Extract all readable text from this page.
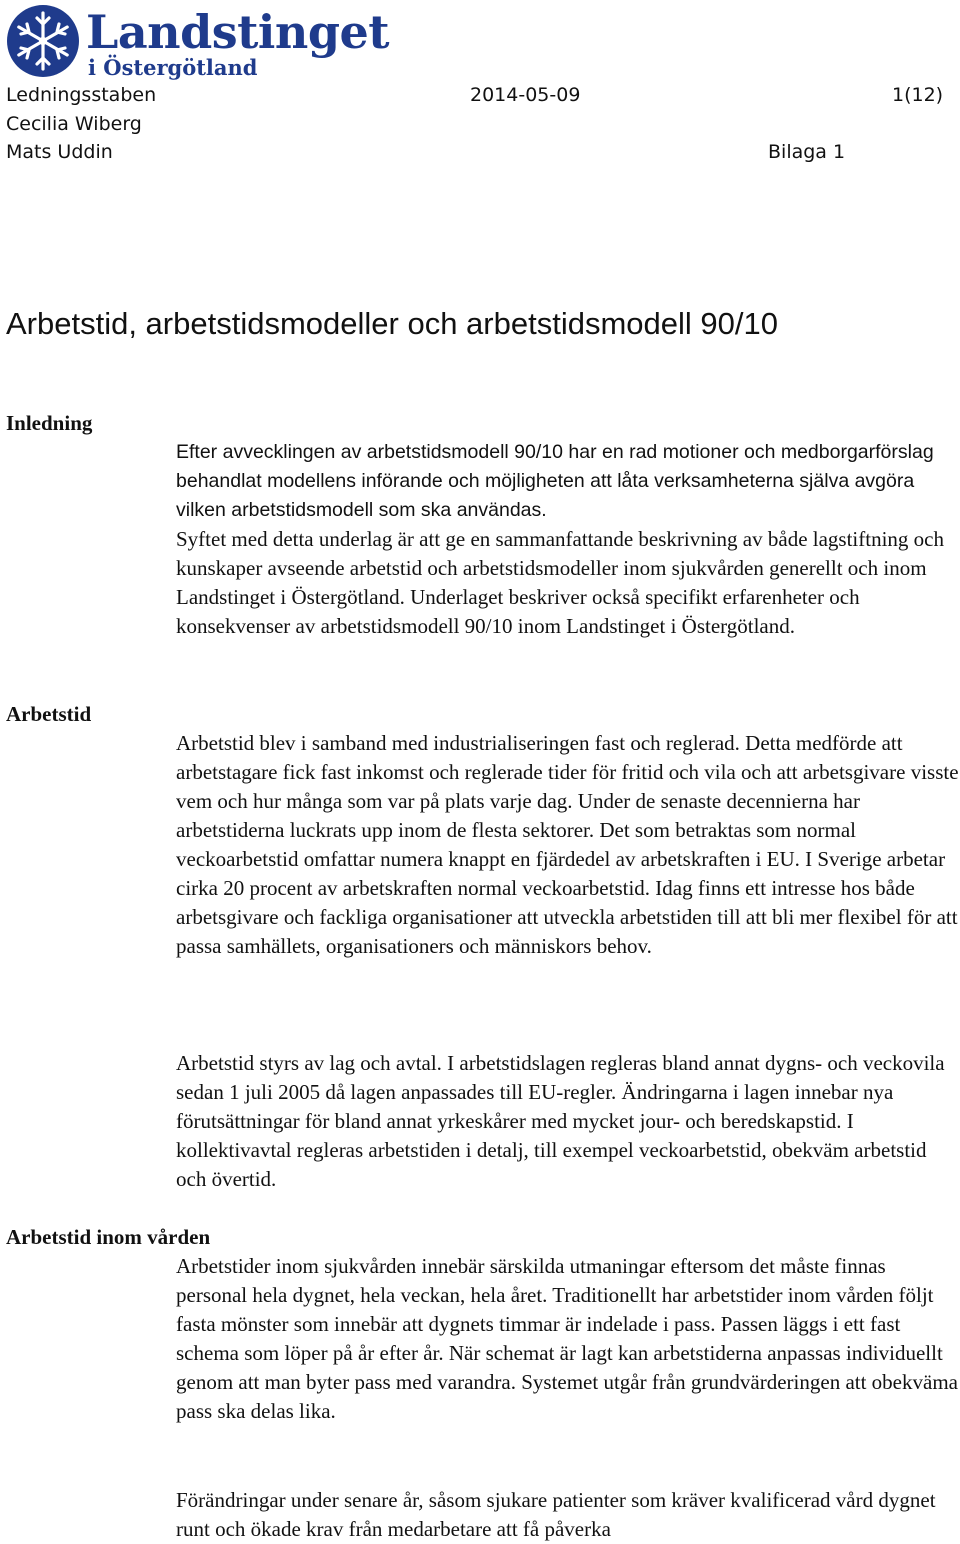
Landstinget
i Östergötland
Ledningsstaben	2014-05-09	1(12)
Cecilia Wiberg
Mats Uddin	Bilaga 1
Arbetstid, arbetstidsmodeller och arbetstidsmodell 90/10
Inledning

Efter avvecklingen av arbetstidsmodell 90/10 har en rad motioner och medborgarförslag behandlat modellens införande och möjligheten att låta verksamheterna själva avgöra vilken arbetstidsmodell som ska användas.

Syftet med detta underlag är att ge en sammanfattande beskrivning av både lagstiftning och kunskaper avseende arbetstid och arbetstidsmodeller inom sjukvården generellt och inom Landstinget i Östergötland. Underlaget beskriver också specifikt erfarenheter och konsekvenser av arbetstidsmodell 90/10 inom Landstinget i Östergötland.

Arbetstid

Arbetstid blev i samband med industrialiseringen fast och reglerad. Detta medförde att arbetstagare fick fast inkomst och reglerade tider för fritid och vila och att arbetsgivare visste vem och hur många som var på plats varje dag. Under de senaste decennierna har arbetstiderna luckrats upp inom de flesta sektorer. Det som betraktas som normal veckoarbetstid omfattar numera knappt en fjärdedel av arbetskraften i EU. I Sverige arbetar cirka 20 procent av arbetskraften normal veckoarbetstid. Idag finns ett intresse hos både arbetsgivare och fackliga organisationer att utveckla arbetstiden till att bli mer flexibel för att passa samhällets, organisationers och människors behov.

Arbetstid styrs av lag och avtal. I arbetstidslagen regleras bland annat dygns- och veckovila sedan 1 juli 2005 då lagen anpassades till EU-regler. Ändringarna i lagen innebar nya förutsättningar för bland annat yrkeskårer med mycket jour- och beredskapstid. I kollektivavtal regleras arbetstiden i detalj, till exempel veckoarbetstid, obekväm arbetstid och övertid.

Arbetstid inom vården

Arbetstider inom sjukvården innebär särskilda utmaningar eftersom det måste finnas personal hela dygnet, hela veckan, hela året. Traditionellt har arbetstider inom vården följt fasta mönster som innebär att dygnets timmar är indelade i pass. Passen läggs i ett fast schema som löper på år efter år. När schemat är lagt kan arbetstiderna anpassas individuellt genom att man byter pass med varandra. Systemet utgår från grundvärderingen att obekväma pass ska delas lika.

Förändringar under senare år, såsom sjukare patienter som kräver kvalificerad vård dygnet runt och ökade krav från medarbetare att få påverka
